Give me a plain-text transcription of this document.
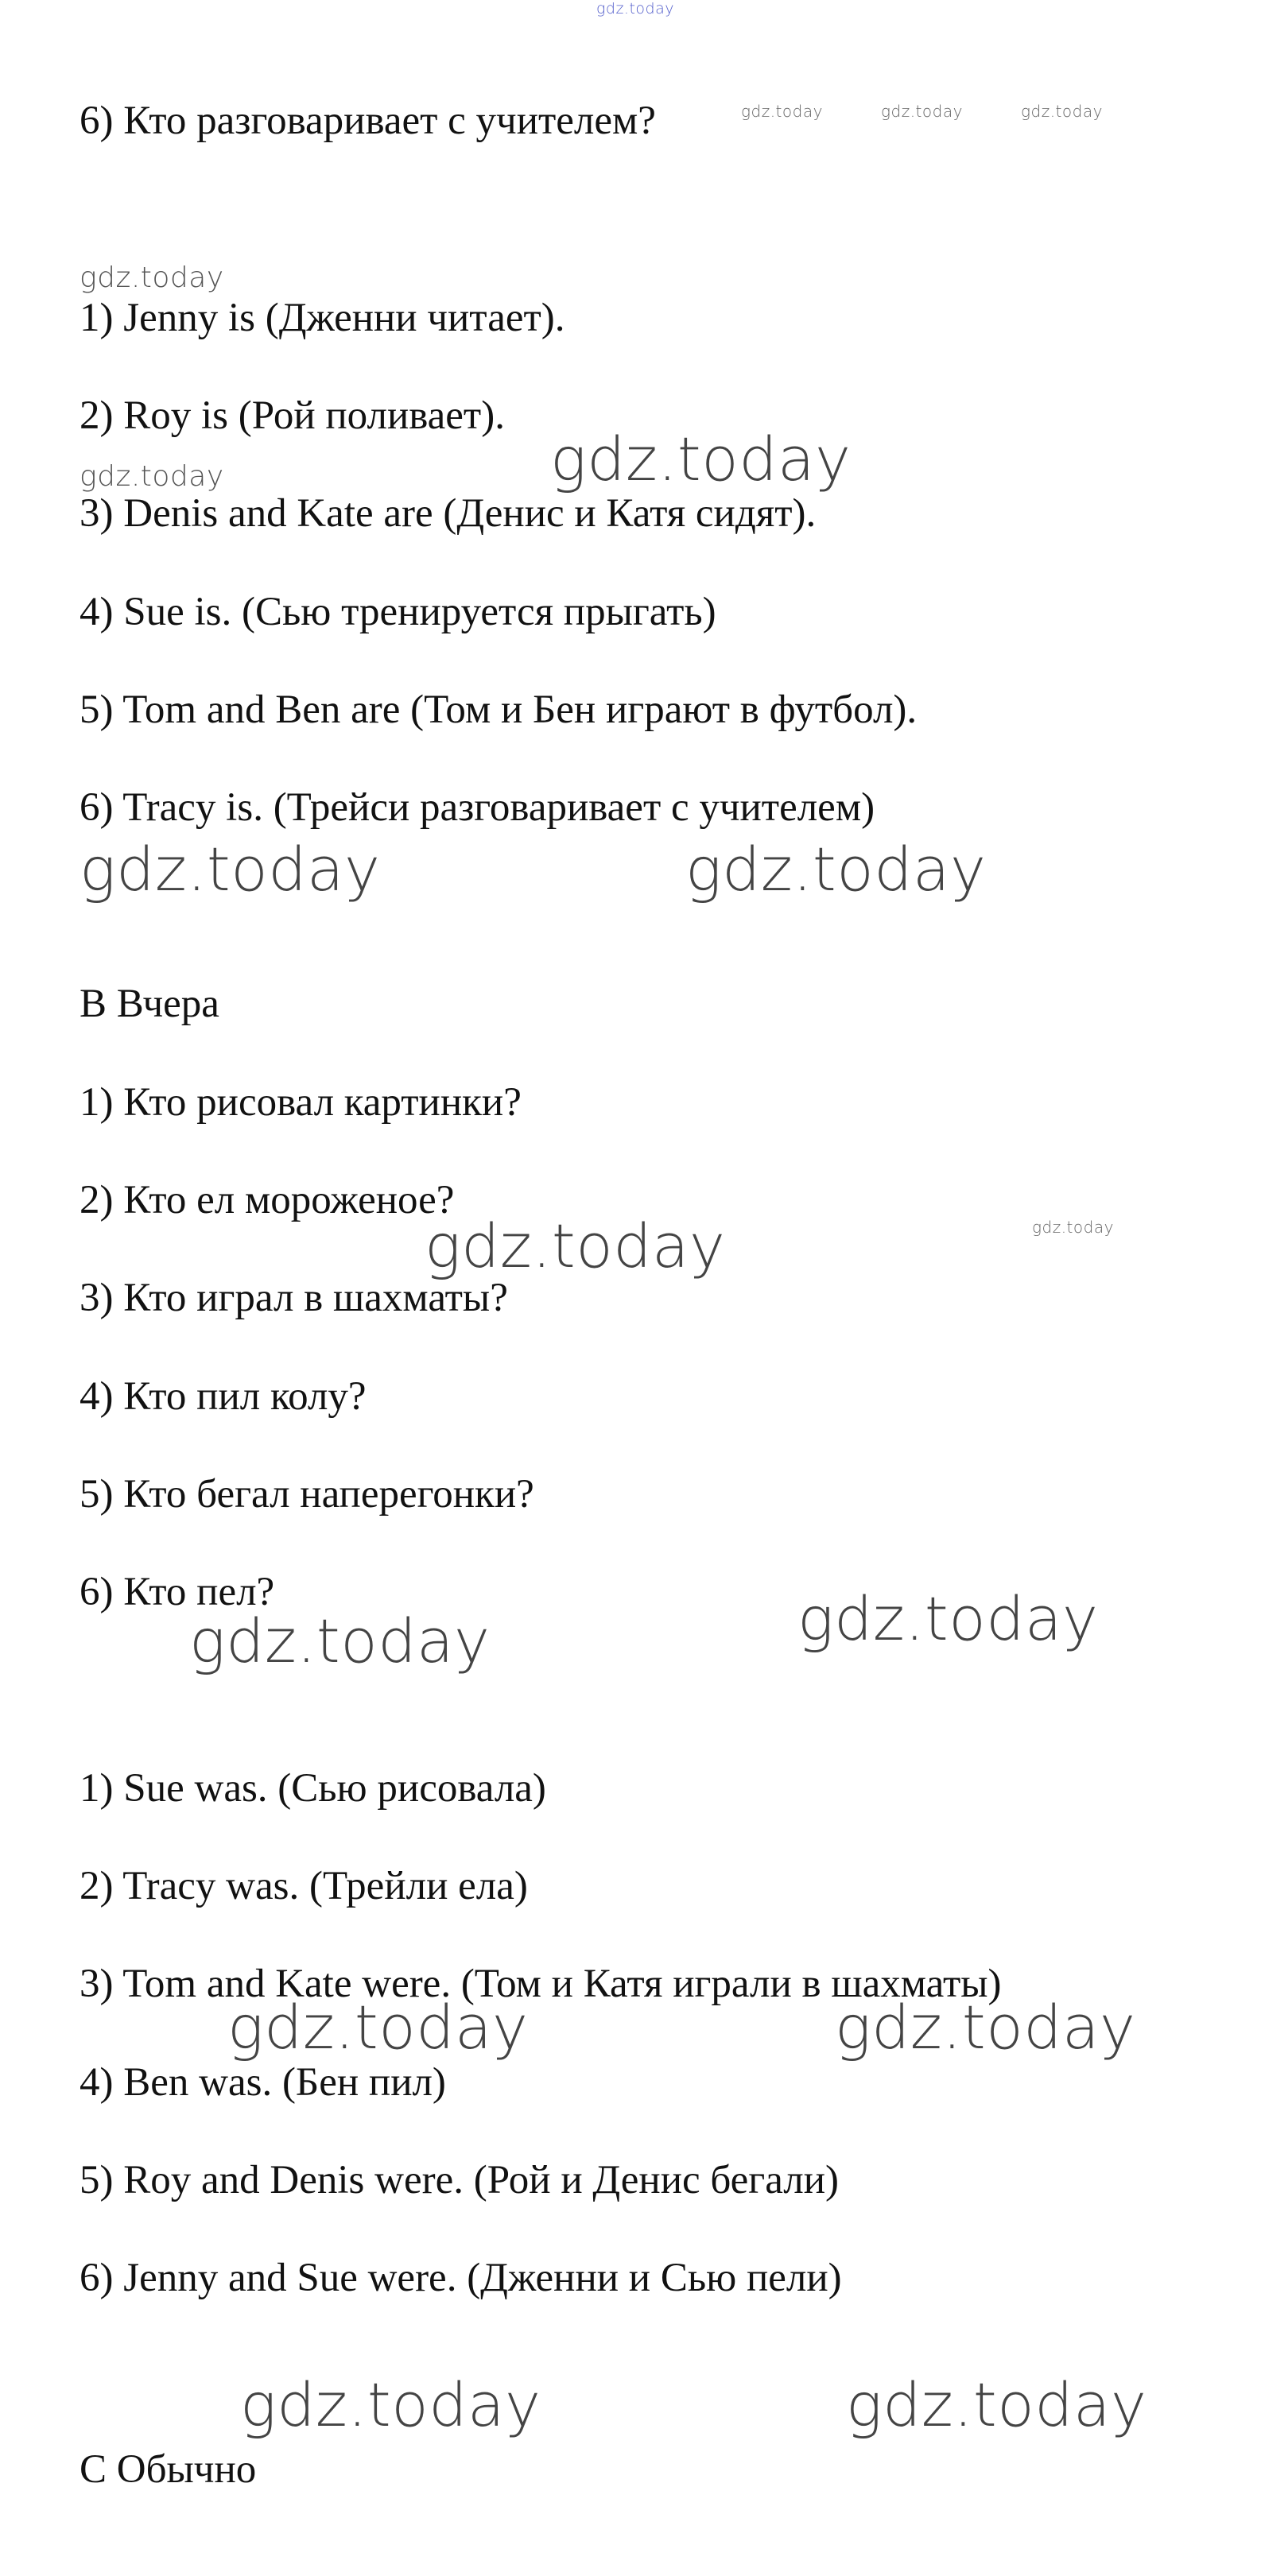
gdz.today

6) Кто разговаривает с учителем?	gdz.today	gdz.today	gdz.today
gdz.today

1) Jenny is (Дженни читает).

2) Roy is (Рой поливает).

gdz.today
gdz.today

3) Denis and Kate are (Денис и Катя сидят).

4) Sue is. (Сью тренируется прыгать)

5) Tom and Ben are (Том и Бен играют в футбол).

6) Tracy is. (Трейси разговаривает с учителем)

gdz.today	gdz.today

B Вчера

1) Кто рисовал картинки?

2) Кто ел мороженое?

gdz.today
gdz.today

3) Кто играл в шахматы?

4) Кто пил колу?

5) Кто бегал наперегонки?

6) Кто пел?	gdz.today
gdz.today

1) Sue was. (Сью рисовала)

2) Tracy was. (Трейли ела)

3) Tom and Kate were. (Том и Катя играли в шахматы)

gdz.today	gdz.today

4) Ben was. (Бен пил)

5) Roy and Denis were. (Рой и Денис бегали)

6) Jenny and Sue were. (Дженни и Сью пели)

gdz.today	gdz.today

C Обычно
